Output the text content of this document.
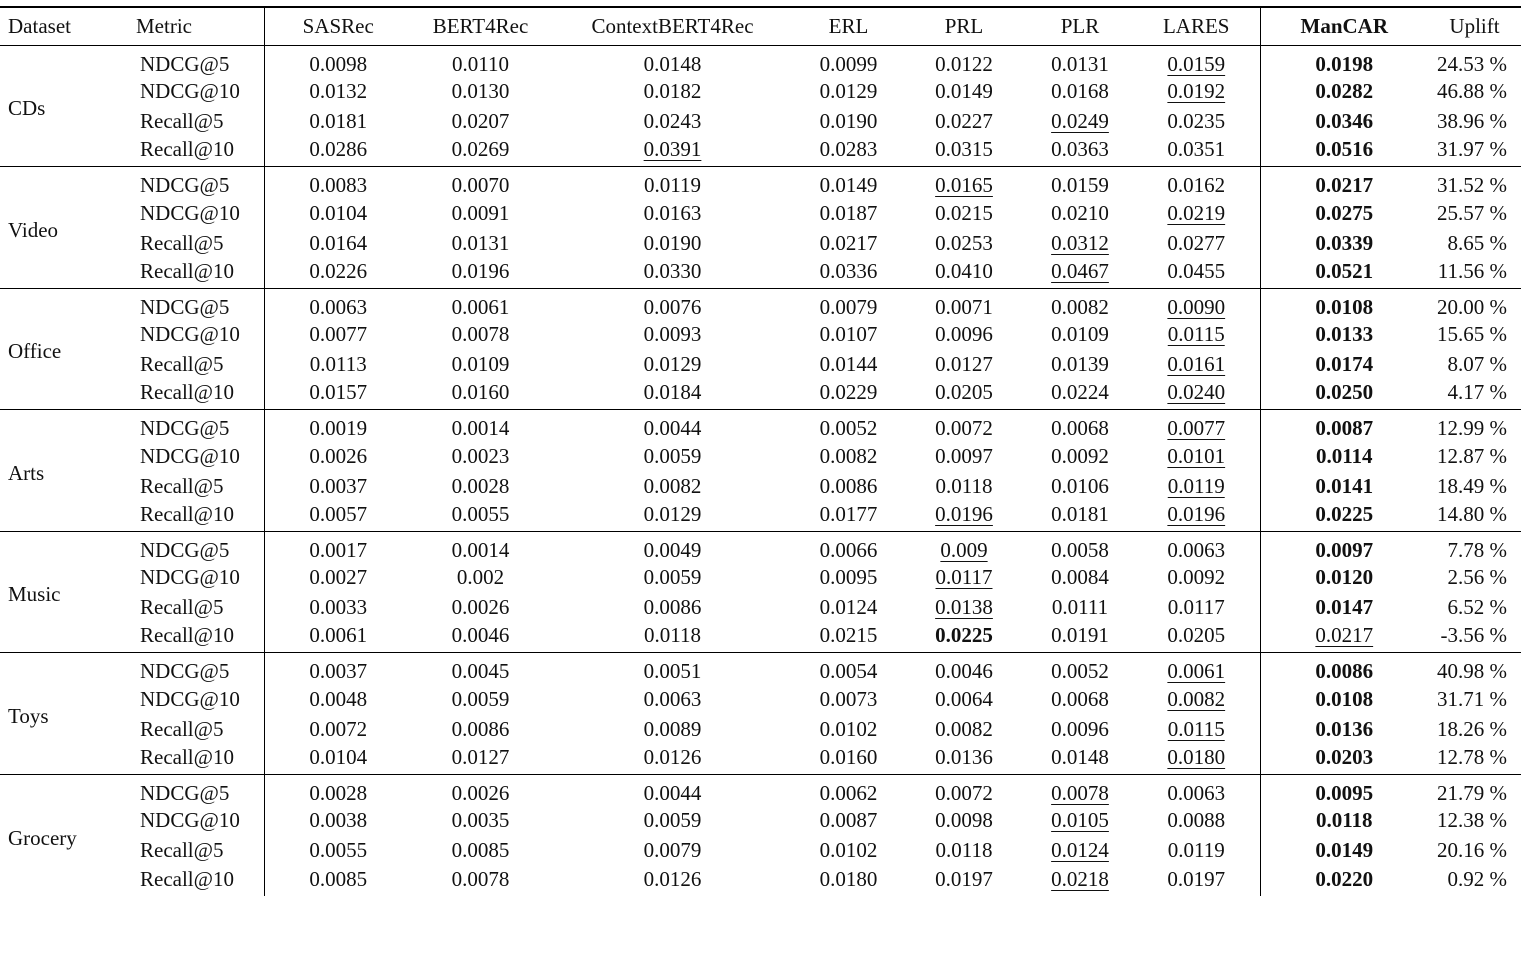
Dataset	Metric	SASRec	BERT4Rec	ContextBERT4Rec	ERL	PRL	PLR	LARES	ManCAR	Uplift
CDs	NDCG@5	0.0098	0.0110	0.0148	0.0099	0.0122	0.0131	0.0159	0.0198	24.53 %
	NDCG@10	0.0132	0.0130	0.0182	0.0129	0.0149	0.0168	0.0192	0.0282	46.88 %
	Recall@5	0.0181	0.0207	0.0243	0.0190	0.0227	0.0249	0.0235	0.0346	38.96 %
	Recall@10	0.0286	0.0269	0.0391	0.0283	0.0315	0.0363	0.0351	0.0516	31.97 %
Video	NDCG@5	0.0083	0.0070	0.0119	0.0149	0.0165	0.0159	0.0162	0.0217	31.52 %
	NDCG@10	0.0104	0.0091	0.0163	0.0187	0.0215	0.0210	0.0219	0.0275	25.57 %
	Recall@5	0.0164	0.0131	0.0190	0.0217	0.0253	0.0312	0.0277	0.0339	8.65 %
	Recall@10	0.0226	0.0196	0.0330	0.0336	0.0410	0.0467	0.0455	0.0521	11.56 %
Office	NDCG@5	0.0063	0.0061	0.0076	0.0079	0.0071	0.0082	0.0090	0.0108	20.00 %
	NDCG@10	0.0077	0.0078	0.0093	0.0107	0.0096	0.0109	0.0115	0.0133	15.65 %
	Recall@5	0.0113	0.0109	0.0129	0.0144	0.0127	0.0139	0.0161	0.0174	8.07 %
	Recall@10	0.0157	0.0160	0.0184	0.0229	0.0205	0.0224	0.0240	0.0250	4.17 %
Arts	NDCG@5	0.0019	0.0014	0.0044	0.0052	0.0072	0.0068	0.0077	0.0087	12.99 %
	NDCG@10	0.0026	0.0023	0.0059	0.0082	0.0097	0.0092	0.0101	0.0114	12.87 %
	Recall@5	0.0037	0.0028	0.0082	0.0086	0.0118	0.0106	0.0119	0.0141	18.49 %
	Recall@10	0.0057	0.0055	0.0129	0.0177	0.0196	0.0181	0.0196	0.0225	14.80 %
Music	NDCG@5	0.0017	0.0014	0.0049	0.0066	0.009	0.0058	0.0063	0.0097	7.78 %
	NDCG@10	0.0027	0.002	0.0059	0.0095	0.0117	0.0084	0.0092	0.0120	2.56 %
	Recall@5	0.0033	0.0026	0.0086	0.0124	0.0138	0.0111	0.0117	0.0147	6.52 %
	Recall@10	0.0061	0.0046	0.0118	0.0215	0.0225	0.0191	0.0205	0.0217	-3.56 %
Toys	NDCG@5	0.0037	0.0045	0.0051	0.0054	0.0046	0.0052	0.0061	0.0086	40.98 %
	NDCG@10	0.0048	0.0059	0.0063	0.0073	0.0064	0.0068	0.0082	0.0108	31.71 %
	Recall@5	0.0072	0.0086	0.0089	0.0102	0.0082	0.0096	0.0115	0.0136	18.26 %
	Recall@10	0.0104	0.0127	0.0126	0.0160	0.0136	0.0148	0.0180	0.0203	12.78 %
Grocery	NDCG@5	0.0028	0.0026	0.0044	0.0062	0.0072	0.0078	0.0063	0.0095	21.79 %
	NDCG@10	0.0038	0.0035	0.0059	0.0087	0.0098	0.0105	0.0088	0.0118	12.38 %
	Recall@5	0.0055	0.0085	0.0079	0.0102	0.0118	0.0124	0.0119	0.0149	20.16 %
	Recall@10	0.0085	0.0078	0.0126	0.0180	0.0197	0.0218	0.0197	0.0220	0.92 %
